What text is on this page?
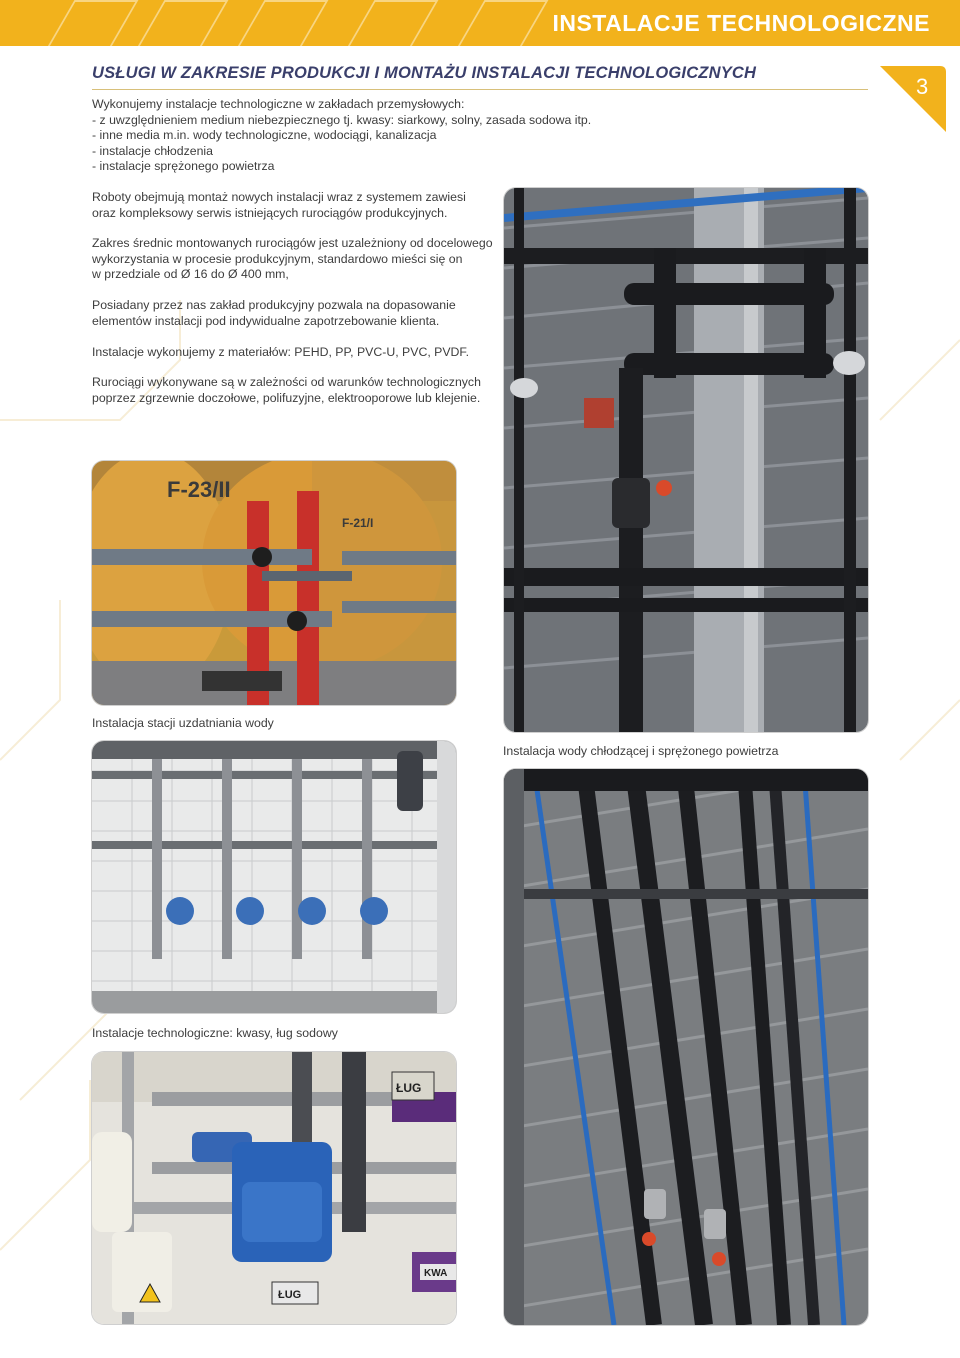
INSTALACJE TECHNOLOGICZNE
3
USŁUGI W ZAKRESIE PRODUKCJI I MONTAŻU INSTALACJI TECHNOLOGICZNYCH
Wykonujemy instalacje technologiczne w zakładach przemysłowych:
- z uwzględnieniem medium niebezpiecznego tj. kwasy: siarkowy, solny, zasada sodowa itp.
- inne media m.in. wody technologiczne, wodociągi, kanalizacja
- instalacje chłodzenia
- instalacje sprężonego powietrza
Roboty obejmują montaż nowych instalacji wraz z systemem zawiesi
oraz kompleksowy serwis istniejących rurociągów produkcyjnych.
Zakres średnic montowanych rurociągów jest uzależniony od docelowego
wykorzystania w procesie produkcyjnym, standardowo mieści się on
w przedziale od Ø 16 do Ø 400 mm,
Posiadany przez nas zakład produkcyjny pozwala na dopasowanie
elementów instalacji pod indywidualne zapotrzebowanie klienta.
Instalacje wykonujemy z materiałów: PEHD, PP, PVC-U, PVC, PVDF.
Rurociągi wykonywane są w zależności od warunków technologicznych
poprzez zgrzewnie doczołowe, polifuzyjne, elektrooporowe lub klejenie.
F-23/II
F-21/I
Instalacja stacji uzdatniania wody
Instalacja wody chłodzącej i sprężonego powietrza
Instalacje technologiczne: kwasy, ług sodowy
ŁUG
ŁUG
KWA
